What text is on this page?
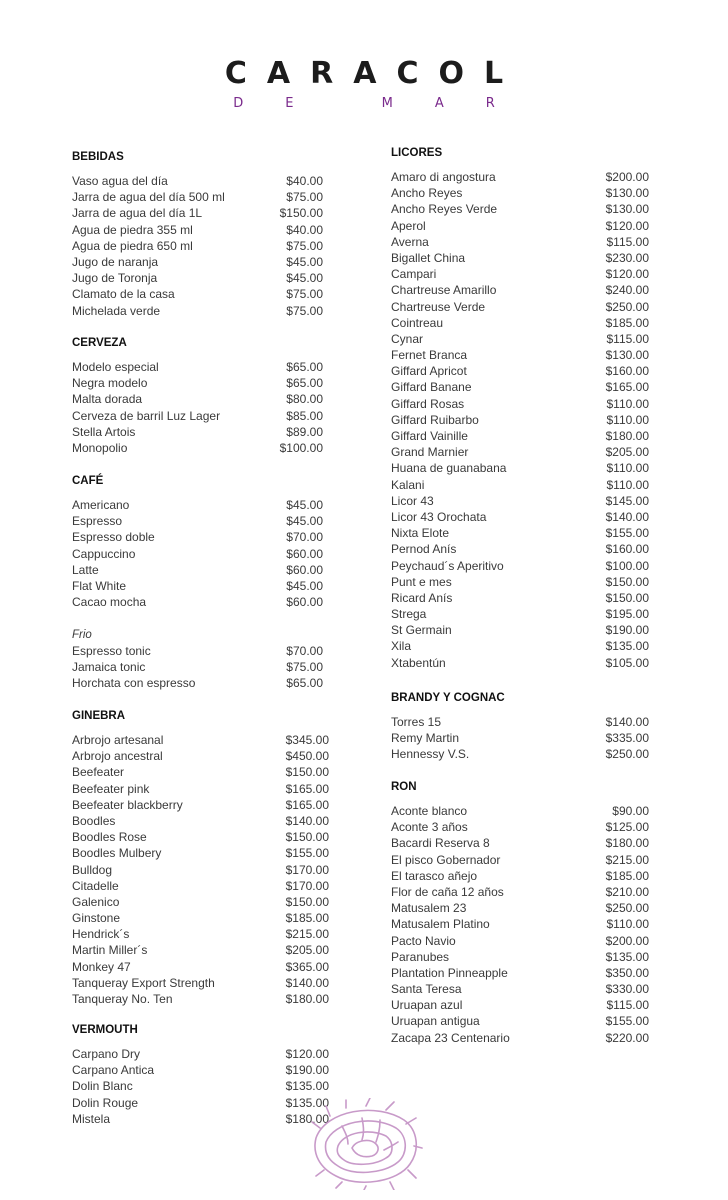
CARACOL
DE MAR
BEBIDAS
Vaso agua del día	$40.00
Jarra de agua del día 500 ml	$75.00
Jarra de agua del día 1L	$150.00
Agua de piedra 355 ml	$40.00
Agua de piedra 650 ml	$75.00
Jugo de naranja	$45.00
Jugo de Toronja	$45.00
Clamato de la casa	$75.00
Michelada verde	$75.00
CERVEZA
Modelo especial	$65.00
Negra modelo	$65.00
Malta dorada	$80.00
Cerveza de barril Luz Lager	$85.00
Stella Artois	$89.00
Monopolio	$100.00
CAFÉ
Americano	$45.00
Espresso	$45.00
Espresso doble	$70.00
Cappuccino	$60.00
Latte	$60.00
Flat White	$45.00
Cacao mocha	$60.00
Frio
Espresso tonic	$70.00
Jamaica tonic	$75.00
Horchata con espresso	$65.00
GINEBRA
Arbrojo artesanal	$345.00
Arbrojo ancestral	$450.00
Beefeater	$150.00
Beefeater pink	$165.00
Beefeater blackberry	$165.00
Boodles	$140.00
Boodles Rose	$150.00
Boodles Mulbery	$155.00
Bulldog	$170.00
Citadelle	$170.00
Galenico	$150.00
Ginstone	$185.00
Hendrick´s	$215.00
Martin Miller´s	$205.00
Monkey 47	$365.00
Tanqueray Export Strength	$140.00
Tanqueray No. Ten	$180.00
VERMOUTH
Carpano Dry	$120.00
Carpano Antica	$190.00
Dolin Blanc	$135.00
Dolin Rouge	$135.00
Mistela	$180.00
LICORES
Amaro di angostura	$200.00
Ancho Reyes	$130.00
Ancho Reyes Verde	$130.00
Aperol	$120.00
Averna	$115.00
Bigallet China	$230.00
Campari	$120.00
Chartreuse Amarillo	$240.00
Chartreuse Verde	$250.00
Cointreau	$185.00
Cynar	$115.00
Fernet Branca	$130.00
Giffard Apricot	$160.00
Giffard Banane	$165.00
Giffard Rosas	$110.00
Giffard Ruibarbo	$110.00
Giffard Vainille	$180.00
Grand Marnier	$205.00
Huana de guanabana	$110.00
Kalani	$110.00
Licor 43	$145.00
Licor 43 Orochata	$140.00
Nixta Elote	$155.00
Pernod Anís	$160.00
Peychaud´s Aperitivo	$100.00
Punt e mes	$150.00
Ricard Anís	$150.00
Strega	$195.00
St Germain	$190.00
Xila	$135.00
Xtabentún	$105.00
BRANDY Y COGNAC
Torres 15	$140.00
Remy Martin	$335.00
Hennessy V.S.	$250.00
RON
Aconte blanco	$90.00
Aconte 3 años	$125.00
Bacardi Reserva 8	$180.00
El pisco Gobernador	$215.00
El tarasco añejo	$185.00
Flor de caña 12 años	$210.00
Matusalem 23	$250.00
Matusalem Platino	$110.00
Pacto Navio	$200.00
Paranubes	$135.00
Plantation Pinneapple	$350.00
Santa Teresa	$330.00
Uruapan azul	$115.00
Uruapan antigua	$155.00
Zacapa 23 Centenario	$220.00
